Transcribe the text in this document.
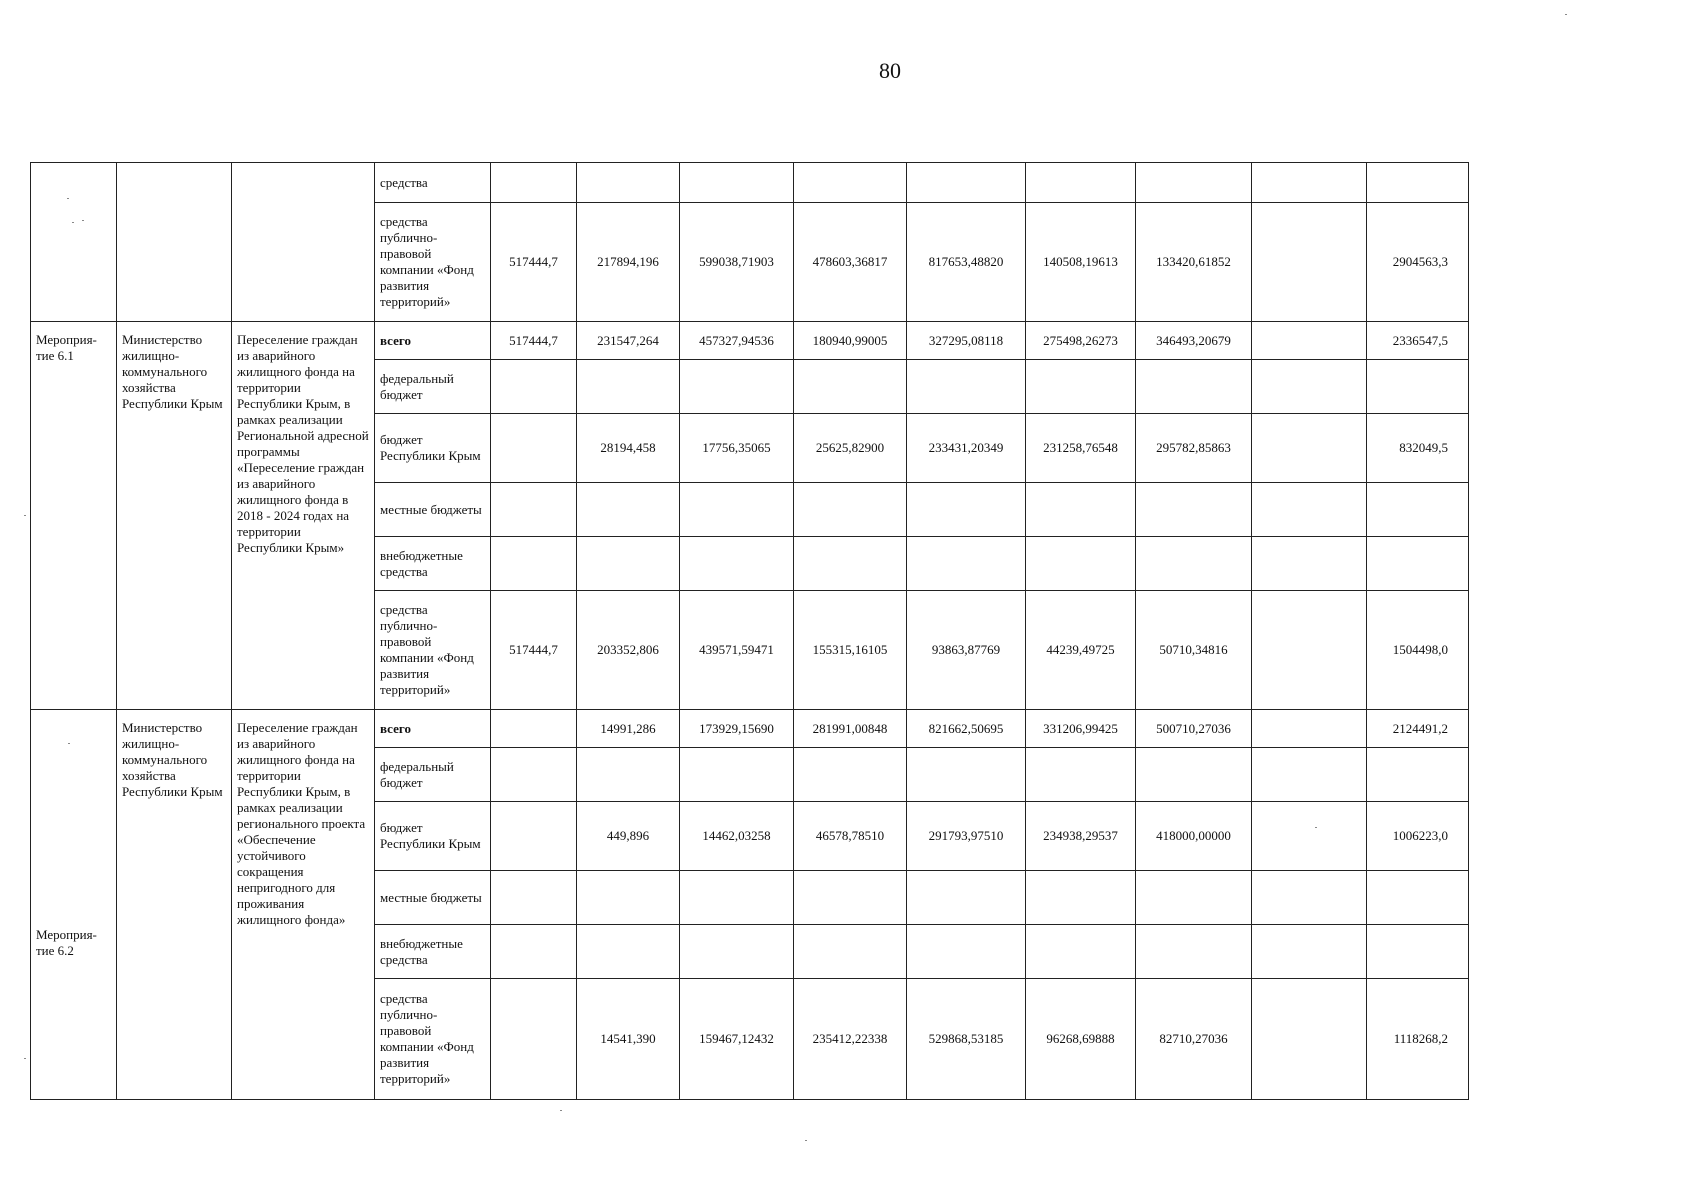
80
			средства									
			средства публично-правовой компании «Фонд развития территорий»	517444,7	217894,196	599038,71903	478603,36817	817653,48820	140508,19613	133420,61852		2904563,3
Мероприя-тие 6.1	Министерство жилищно-коммунального хозяйства Республики Крым	Переселение граждан из аварийного жилищного фонда на территории Республики Крым, в рамках реализации Региональной адресной программы «Переселение граждан из аварийного жилищного фонда в 2018 - 2024 годах на территории Республики Крым»	всего	517444,7	231547,264	457327,94536	180940,99005	327295,08118	275498,26273	346493,20679		2336547,5
			федеральный бюджет									
			бюджет Республики Крым		28194,458	17756,35065	25625,82900	233431,20349	231258,76548	295782,85863		832049,5
			местные бюджеты									
			внебюджетные средства									
			средства публично-правовой компании «Фонд развития территорий»	517444,7	203352,806	439571,59471	155315,16105	93863,87769	44239,49725	50710,34816		1504498,0
Мероприя-тие 6.2	Министерство жилищно-коммунального хозяйства Республики Крым	Переселение граждан из аварийного жилищного фонда на территории Республики Крым, в рамках реализации регионального проекта «Обеспечение устойчивого сокращения непригодного для проживания жилищного фонда»	всего		14991,286	173929,15690	281991,00848	821662,50695	331206,99425	500710,27036		2124491,2
			федеральный бюджет									
			бюджет Республики Крым		449,896	14462,03258	46578,78510	291793,97510	234938,29537	418000,00000		1006223,0
			местные бюджеты									
			внебюджетные средства									
			средства публично-правовой компании «Фонд развития территорий»		14541,390	159467,12432	235412,22338	529868,53185	96268,69888	82710,27036		1118268,2
